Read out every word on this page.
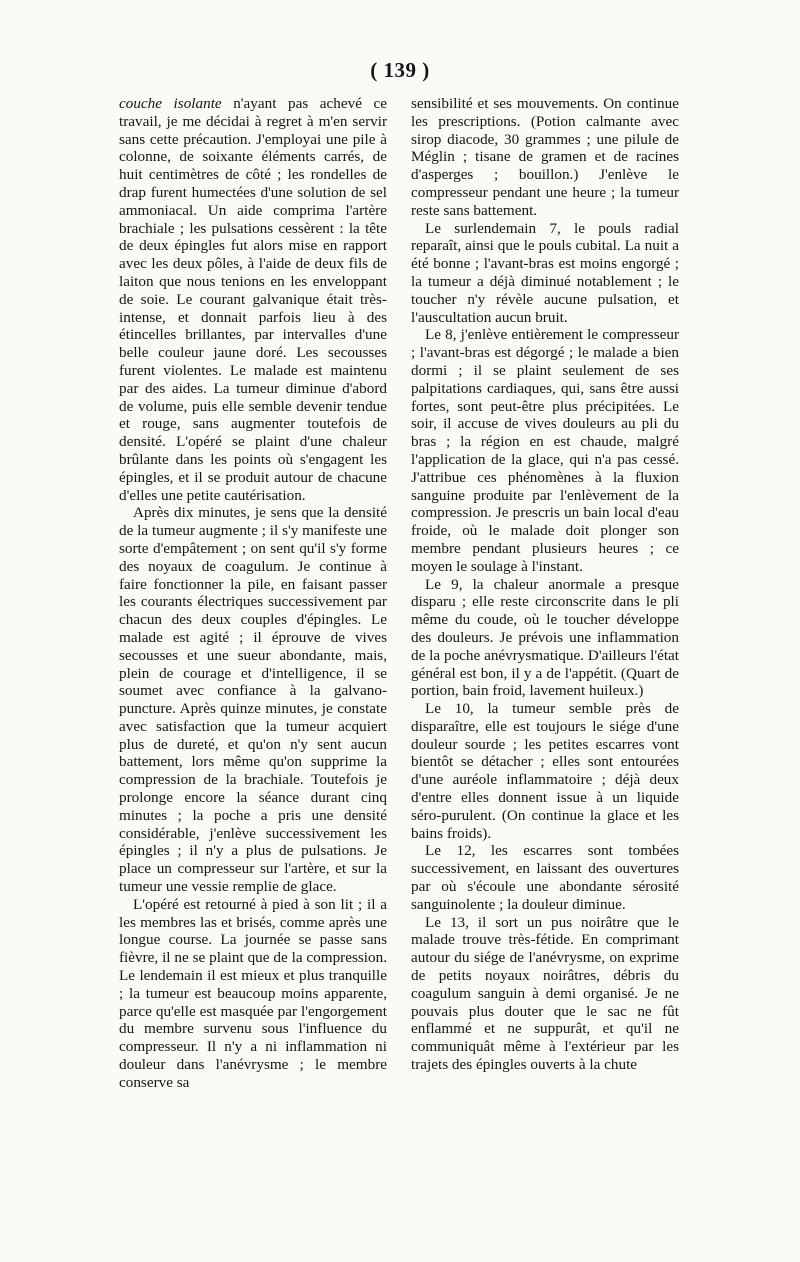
( 139 )

couche isolante n'ayant pas achevé ce travail, je me décidai à regret à m'en servir sans cette précaution. J'employai une pile à colonne, de soixante éléments carrés, de huit centimètres de côté ; les rondelles de drap furent humectées d'une solution de sel ammoniacal. Un aide comprima l'artère brachiale ; les pulsations cessèrent : la tête de deux épingles fut alors mise en rapport avec les deux pôles, à l'aide de deux fils de laiton que nous tenions en les enveloppant de soie. Le courant galvanique était très-intense, et donnait parfois lieu à des étincelles brillantes, par intervalles d'une belle couleur jaune doré. Les secousses furent violentes. Le malade est maintenu par des aides. La tumeur diminue d'abord de volume, puis elle semble devenir tendue et rouge, sans augmenter toutefois de densité. L'opéré se plaint d'une chaleur brûlante dans les points où s'engagent les épingles, et il se produit autour de chacune d'elles une petite cautérisation.

Après dix minutes, je sens que la densité de la tumeur augmente ; il s'y manifeste une sorte d'empâtement ; on sent qu'il s'y forme des noyaux de coagulum. Je continue à faire fonctionner la pile, en faisant passer les courants électriques successivement par chacun des deux couples d'épingles. Le malade est agité ; il éprouve de vives secousses et une sueur abondante, mais, plein de courage et d'intelligence, il se soumet avec confiance à la galvano-puncture. Après quinze minutes, je constate avec satisfaction que la tumeur acquiert plus de dureté, et qu'on n'y sent aucun battement, lors même qu'on supprime la compression de la brachiale. Toutefois je prolonge encore la séance durant cinq minutes ; la poche a pris une densité considérable, j'enlève successivement les épingles ; il n'y a plus de pulsations. Je place un compresseur sur l'artère, et sur la tumeur une vessie remplie de glace.

L'opéré est retourné à pied à son lit ; il a les membres las et brisés, comme après une longue course. La journée se passe sans fièvre, il ne se plaint que de la compression. Le lendemain il est mieux et plus tranquille ; la tumeur est beaucoup moins apparente, parce qu'elle est masquée par l'engorgement du membre survenu sous l'influence du compresseur. Il n'y a ni inflammation ni douleur dans l'anévrysme ; le membre conserve sa

sensibilité et ses mouvements. On continue les prescriptions. (Potion calmante avec sirop diacode, 30 grammes ; une pilule de Méglin ; tisane de gramen et de racines d'asperges ; bouillon.) J'enlève le compresseur pendant une heure ; la tumeur reste sans battement.

Le surlendemain 7, le pouls radial reparaît, ainsi que le pouls cubital. La nuit a été bonne ; l'avant-bras est moins engorgé ; la tumeur a déjà diminué notablement ; le toucher n'y révèle aucune pulsation, et l'auscultation aucun bruit.

Le 8, j'enlève entièrement le compresseur ; l'avant-bras est dégorgé ; le malade a bien dormi ; il se plaint seulement de ses palpitations cardiaques, qui, sans être aussi fortes, sont peut-être plus précipitées. Le soir, il accuse de vives douleurs au pli du bras ; la région en est chaude, malgré l'application de la glace, qui n'a pas cessé. J'attribue ces phénomènes à la fluxion sanguine produite par l'enlèvement de la compression. Je prescris un bain local d'eau froide, où le malade doit plonger son membre pendant plusieurs heures ; ce moyen le soulage à l'instant.

Le 9, la chaleur anormale a presque disparu ; elle reste circonscrite dans le pli même du coude, où le toucher développe des douleurs. Je prévois une inflammation de la poche anévrysmatique. D'ailleurs l'état général est bon, il y a de l'appétit. (Quart de portion, bain froid, lavement huileux.)

Le 10, la tumeur semble près de disparaître, elle est toujours le siége d'une douleur sourde ; les petites escarres vont bientôt se détacher ; elles sont entourées d'une auréole inflammatoire ; déjà deux d'entre elles donnent issue à un liquide séro-purulent. (On continue la glace et les bains froids).

Le 12, les escarres sont tombées successivement, en laissant des ouvertures par où s'écoule une abondante sérosité sanguinolente ; la douleur diminue.

Le 13, il sort un pus noirâtre que le malade trouve très-fétide. En comprimant autour du siége de l'anévrysme, on exprime de petits noyaux noirâtres, débris du coagulum sanguin à demi organisé. Je ne pouvais plus douter que le sac ne fût enflammé et ne suppurât, et qu'il ne communiquât même à l'extérieur par les trajets des épingles ouverts à la chute
